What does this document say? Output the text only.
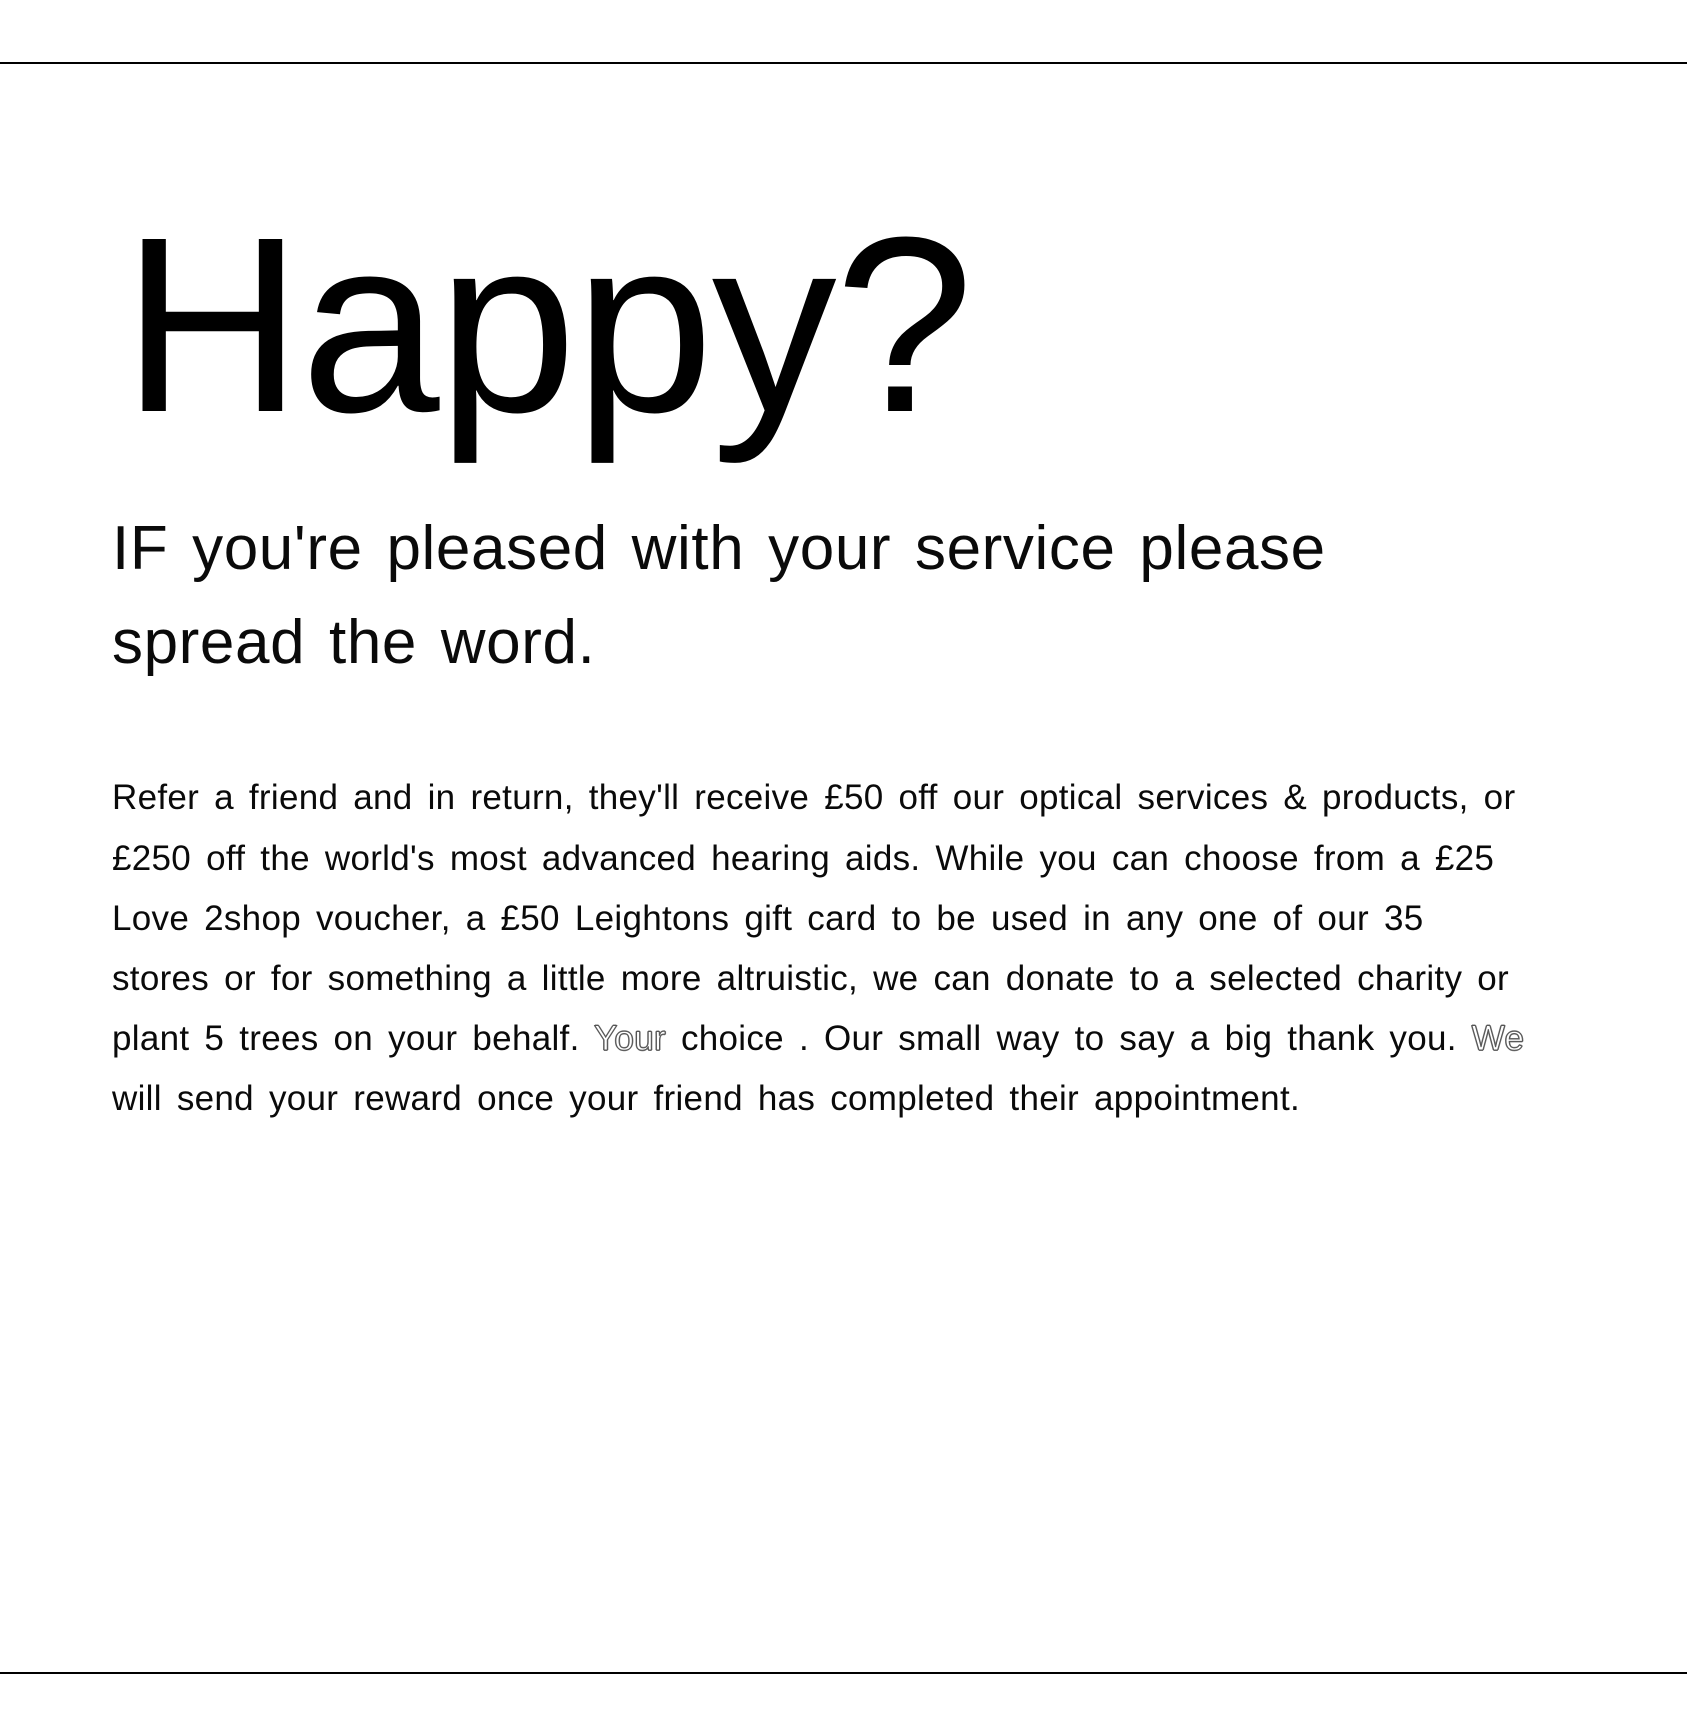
Happy?

IF you're pleased with your service please spread the word.

Refer a friend and in return, they'll receive £50 off our optical services & products, or £250 off the world's most advanced hearing aids. While you can choose from a £25 Love 2shop voucher, a £50 Leightons gift card to be used in any one of our 35 stores or for something a little more altruistic, we can donate to a selected charity or plant 5 trees on your behalf. Your choice . Our small way to say a big thank you. We will send your reward once your friend has completed their appointment.
